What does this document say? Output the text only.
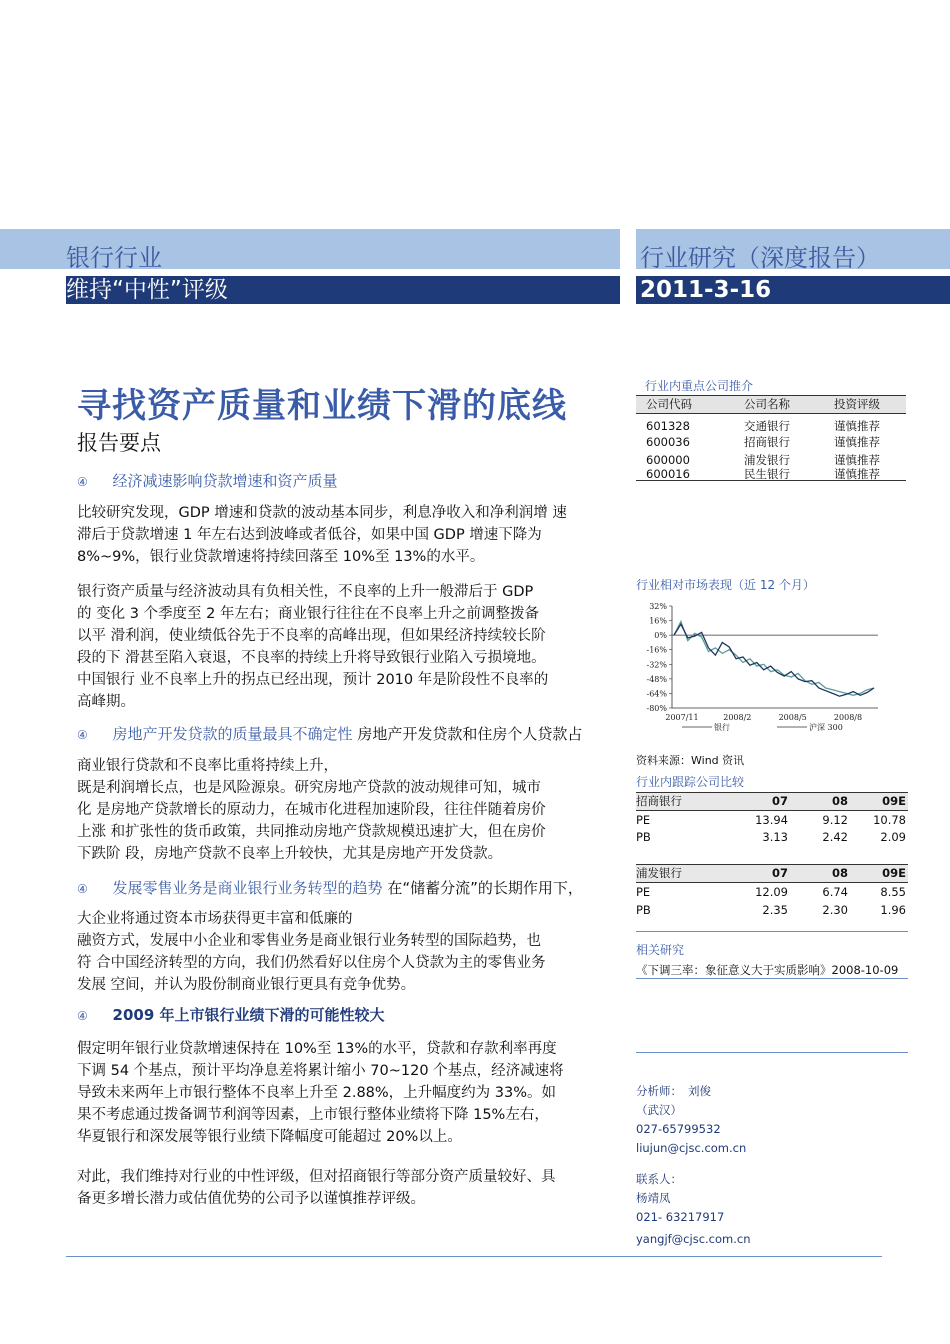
银行行业
维持“中性”评级
行业研究（深度报告）
2011-3-16
寻找资产质量和业绩下滑的底线
报告要点
④ 经济减速影响贷款增速和资产质量
比较研究发现，GDP 增速和贷款的波动基本同步，利息净收入和净利润增 速
滞后于贷款增速 1 年左右达到波峰或者低谷，如果中国 GDP 增速下降为
8%~9%，银行业贷款增速将持续回落至 10%至 13%的水平。
银行资产质量与经济波动具有负相关性，不良率的上升一般滞后于 GDP
的 变化 3 个季度至 2 年左右；商业银行往往在不良率上升之前调整拨备
以平 滑利润，使业绩低谷先于不良率的高峰出现，但如果经济持续较长阶
段的下 滑甚至陷入衰退，不良率的持续上升将导致银行业陷入亏损境地。
中国银行 业不良率上升的拐点已经出现，预计 2010 年是阶段性不良率的
高峰期。
④ 房地产开发贷款的质量最具不确定性 房地产开发贷款和住房个人贷款占
商业银行贷款和不良率比重将持续上升，
既是利润增长点，也是风险源泉。研究房地产贷款的波动规律可知，城市
化 是房地产贷款增长的原动力，在城市化进程加速阶段，往往伴随着房价
上涨 和扩张性的货币政策，共同推动房地产贷款规模迅速扩大，但在房价
下跌阶 段，房地产贷款不良率上升较快，尤其是房地产开发贷款。
④ 发展零售业务是商业银行业务转型的趋势 在“储蓄分流”的长期作用下，
大企业将通过资本市场获得更丰富和低廉的
融资方式，发展中小企业和零售业务是商业银行业务转型的国际趋势，也
符 合中国经济转型的方向，我们仍然看好以住房个人贷款为主的零售业务
发展 空间，并认为股份制商业银行更具有竞争优势。
④ 2009 年上市银行业绩下滑的可能性较大
假定明年银行业贷款增速保持在 10%至 13%的水平，贷款和存款利率再度
下调 54 个基点，预计平均净息差将累计缩小 70~120 个基点，经济减速将
导致未来两年上市银行整体不良率上升至 2.88%，上升幅度约为 33%。如
果不考虑通过拨备调节利润等因素，上市银行整体业绩将下降 15%左右，
华夏银行和深发展等银行业绩下降幅度可能超过 20%以上。
对此，我们维持对行业的中性评级，但对招商银行等部分资产质量较好、具
备更多增长潜力或估值优势的公司予以谨慎推荐评级。
行业内重点公司推介
公司代码	公司名称	投资评级
601328	交通银行	谨慎推荐
600036	招商银行	谨慎推荐
600000	浦发银行	谨慎推荐
600016	民生银行	谨慎推荐
行业相对市场表现（近 12 个月）
32%
16%
0%
-16%
-32%
-48%
-64%
-80%
2007/11	2008/2	2008/5	2008/8
银行	沪深 300
资料来源：Wind 资讯
行业内跟踪公司比较
招商银行	07	08	09E
PE	13.94	9.12	10.78
PB	3.13	2.42	2.09
浦发银行	07	08	09E
PE	12.09	6.74	8.55
PB	2.35	2.30	1.96
相关研究
《下调三率：象征意义大于实质影响》2008-10-09
分析师： 刘俊
（武汉）
027-65799532
liujun@cjsc.com.cn
联系人：
杨靖凤
021- 63217917
yangjf@cjsc.com.cn
